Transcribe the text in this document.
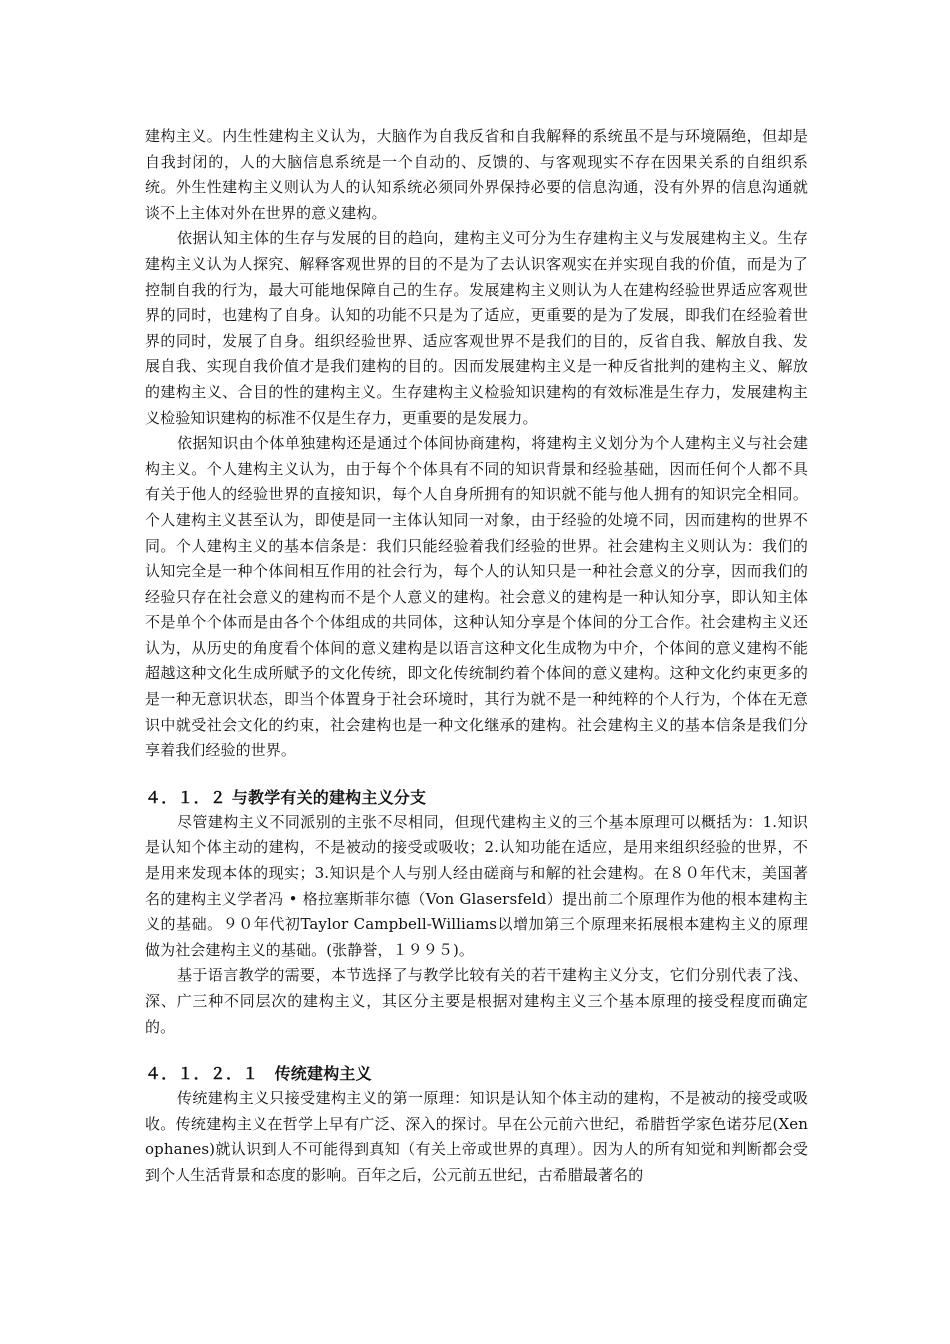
建构主义。内生性建构主义认为，大脑作为自我反省和自我解释的系统虽不是与环境隔绝，但却是自我封闭的，人的大脑信息系统是一个自动的、反馈的、与客观现实不存在因果关系的自组织系统。外生性建构主义则认为人的认知系统必须同外界保持必要的信息沟通，没有外界的信息沟通就谈不上主体对外在世界的意义建构。

依据认知主体的生存与发展的目的趋向，建构主义可分为生存建构主义与发展建构主义。生存建构主义认为人探究、解释客观世界的目的不是为了去认识客观实在并实现自我的价值，而是为了控制自我的行为，最大可能地保障自己的生存。发展建构主义则认为人在建构经验世界适应客观世界的同时，也建构了自身。认知的功能不只是为了适应，更重要的是为了发展，即我们在经验着世界的同时，发展了自身。组织经验世界、适应客观世界不是我们的目的，反省自我、解放自我、发展自我、实现自我价值才是我们建构的目的。因而发展建构主义是一种反省批判的建构主义、解放的建构主义、合目的性的建构主义。生存建构主义检验知识建构的有效标准是生存力，发展建构主义检验知识建构的标准不仅是生存力，更重要的是发展力。

依据知识由个体单独建构还是通过个体间协商建构，将建构主义划分为个人建构主义与社会建构主义。个人建构主义认为，由于每个个体具有不同的知识背景和经验基础，因而任何个人都不具有关于他人的经验世界的直接知识，每个人自身所拥有的知识就不能与他人拥有的知识完全相同。个人建构主义甚至认为，即使是同一主体认知同一对象，由于经验的处境不同，因而建构的世界不同。个人建构主义的基本信条是：我们只能经验着我们经验的世界。社会建构主义则认为：我们的认知完全是一种个体间相互作用的社会行为，每个人的认知只是一种社会意义的分享，因而我们的经验只存在社会意义的建构而不是个人意义的建构。社会意义的建构是一种认知分享，即认知主体不是单个个体而是由各个个体组成的共同体，这种认知分享是个体间的分工合作。社会建构主义还认为，从历史的角度看个体间的意义建构是以语言这种文化生成物为中介，个体间的意义建构不能超越这种文化生成所赋予的文化传统，即文化传统制约着个体间的意义建构。这种文化约束更多的是一种无意识状态，即当个体置身于社会环境时，其行为就不是一种纯粹的个人行为，个体在无意识中就受社会文化的约束，社会建构也是一种文化继承的建构。社会建构主义的基本信条是我们分享着我们经验的世界。

４．１．２ 与教学有关的建构主义分支

尽管建构主义不同派别的主张不尽相同，但现代建构主义的三个基本原理可以概括为：1.知识是认知个体主动的建构，不是被动的接受或吸收；2.认知功能在适应，是用来组织经验的世界，不是用来发现本体的现实；3.知识是个人与别人经由磋商与和解的社会建构。在８０年代末，美国著名的建构主义学者冯 • 格拉塞斯菲尔德（Von Glasersfeld）提出前二个原理作为他的根本建构主义的基础。９０年代初Taylor Campbell-Williams以增加第三个原理来拓展根本建构主义的原理做为社会建构主义的基础。(张静誉，１９９５)。

基于语言教学的需要，本节选择了与教学比较有关的若干建构主义分支，它们分别代表了浅、深、广三种不同层次的建构主义，其区分主要是根据对建构主义三个基本原理的接受程度而确定的。

４．１．２．１　传统建构主义

传统建构主义只接受建构主义的第一原理：知识是认知个体主动的建构，不是被动的接受或吸收。传统建构主义在哲学上早有广泛、深入的探讨。早在公元前六世纪，希腊哲学家色诺芬尼(Xenophanes)就认识到人不可能得到真知（有关上帝或世界的真理）。因为人的所有知觉和判断都会受到个人生活背景和态度的影响。百年之后，公元前五世纪，古希腊最著名的
